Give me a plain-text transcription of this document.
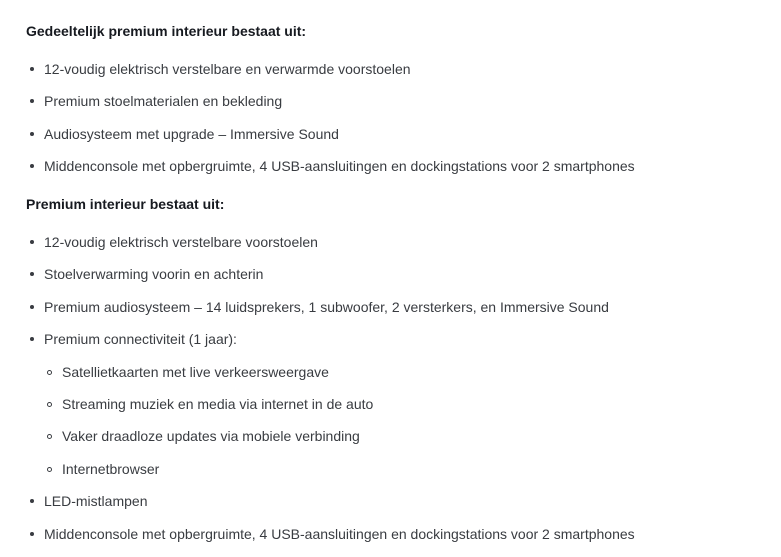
Gedeeltelijk premium interieur bestaat uit:
12-voudig elektrisch verstelbare en verwarmde voorstoelen
Premium stoelmaterialen en bekleding
Audiosysteem met upgrade – Immersive Sound
Middenconsole met opbergruimte, 4 USB-aansluitingen en dockingstations voor 2 smartphones
Premium interieur bestaat uit:
12-voudig elektrisch verstelbare voorstoelen
Stoelverwarming voorin en achterin
Premium audiosysteem – 14 luidsprekers, 1 subwoofer, 2 versterkers, en Immersive Sound
Premium connectiviteit (1 jaar):
Satellietkaarten met live verkeersweergave
Streaming muziek en media via internet in de auto
Vaker draadloze updates via mobiele verbinding
Internetbrowser
LED-mistlampen
Middenconsole met opbergruimte, 4 USB-aansluitingen en dockingstations voor 2 smartphones
